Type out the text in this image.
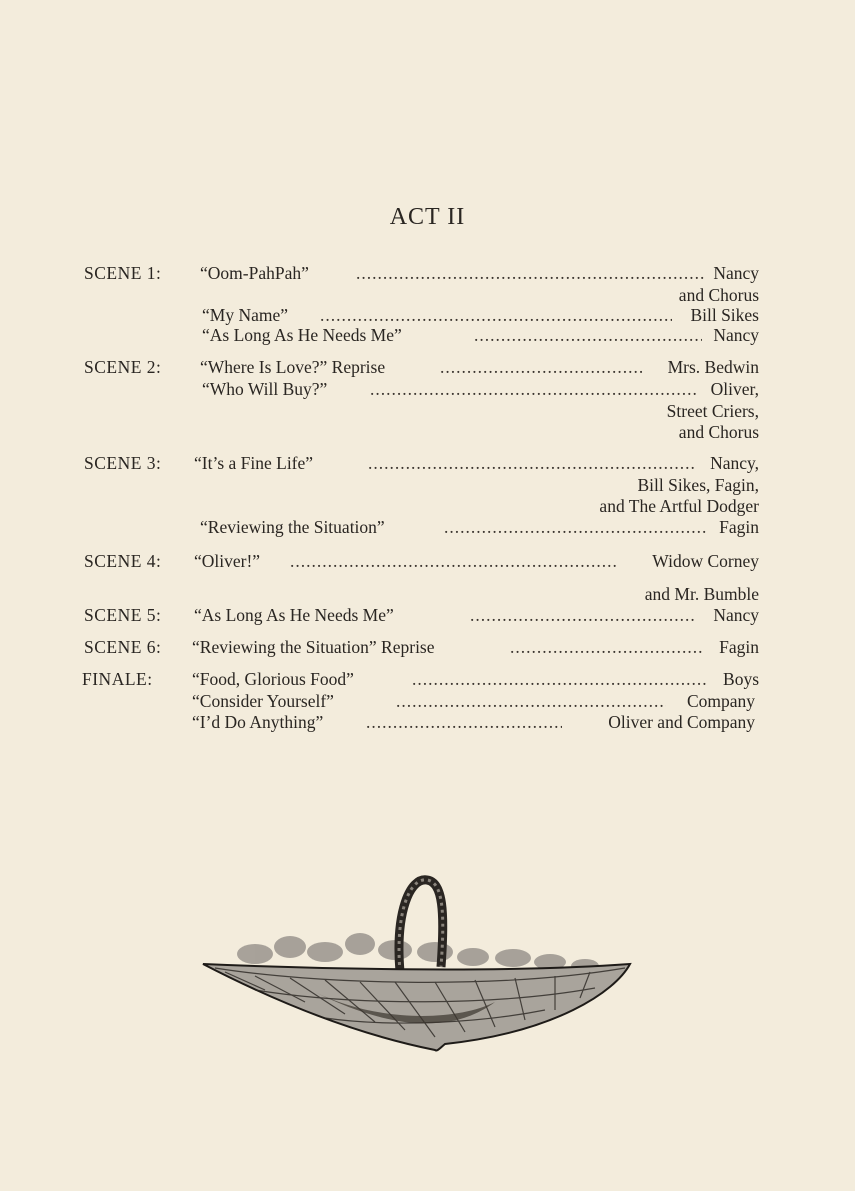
ACT II
SCENE 1: “Oom-PahPah” .....	Nancy
and Chorus
“My Name” .....	Bill Sikes
“As Long As He Needs Me” .....	Nancy
SCENE 2: “Where Is Love?” Reprise .....	Mrs. Bedwin
“Who Will Buy?” .....	Oliver,
Street Criers,
and Chorus
SCENE 3: “It’s a Fine Life” .....	Nancy,
Bill Sikes, Fagin,
and The Artful Dodger
“Reviewing the Situation” .....	Fagin
SCENE 4: “Oliver!” .....	Widow Corney
and Mr. Bumble
SCENE 5: “As Long As He Needs Me” .....	Nancy
SCENE 6: “Reviewing the Situation” Reprise .....	Fagin
FINALE: “Food, Glorious Food” .....	Boys
“Consider Yourself” .....	Company
“I’d Do Anything” .....	Oliver and Company
